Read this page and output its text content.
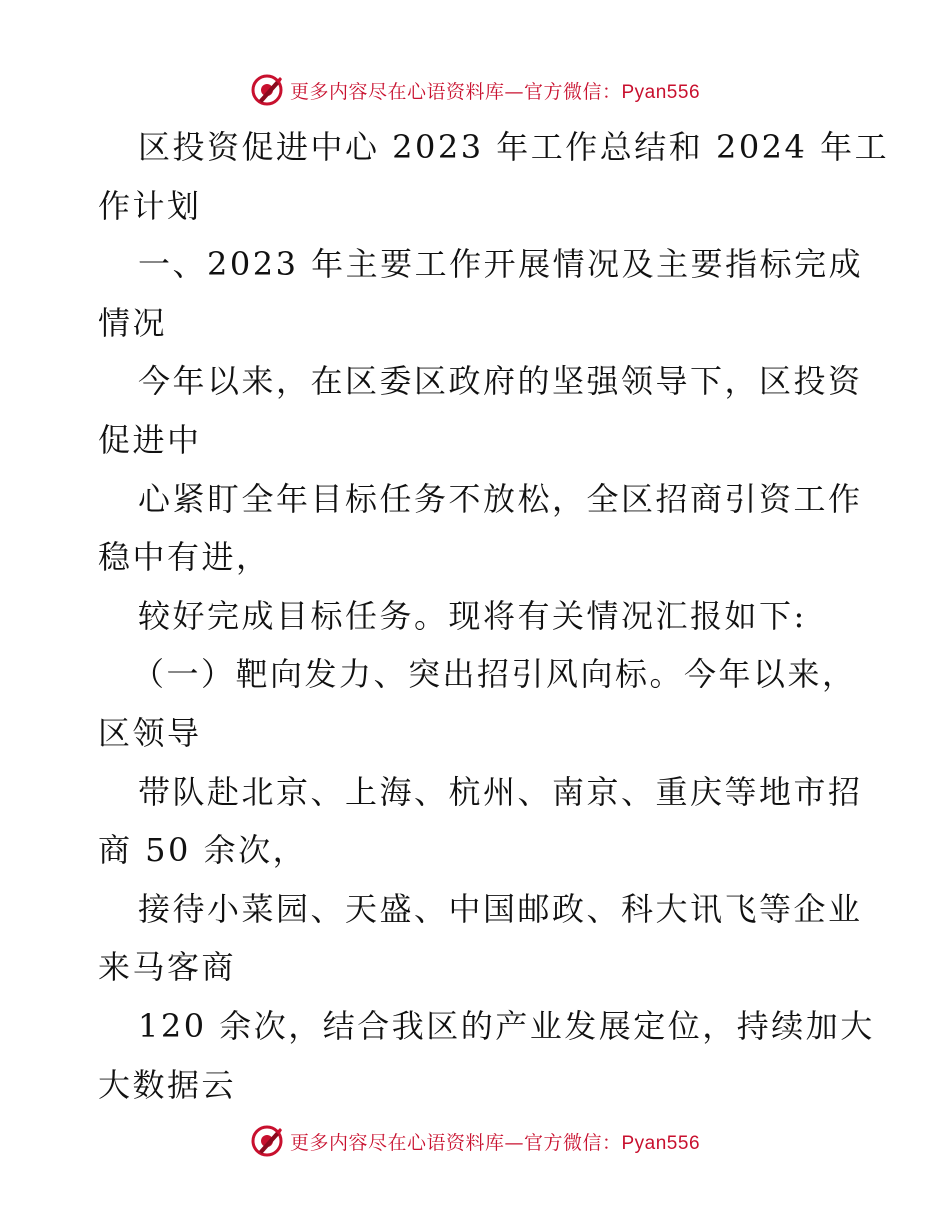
更多内容尽在心语资料库—官方微信：Pyan556
区投资促进中心 2023 年工作总结和 2024 年工
作计划
一、2023 年主要工作开展情况及主要指标完成
情况
今年以来，在区委区政府的坚强领导下，区投资
促进中
心紧盯全年目标任务不放松，全区招商引资工作
稳中有进，
较好完成目标任务。现将有关情况汇报如下:
（一）靶向发力、突出招引风向标。今年以来，
区领导
带队赴北京、上海、杭州、南京、重庆等地市招
商 50 余次，
接待小菜园、天盛、中国邮政、科大讯飞等企业
来马客商
120 余次，结合我区的产业发展定位，持续加大
大数据云
更多内容尽在心语资料库—官方微信：Pyan556
